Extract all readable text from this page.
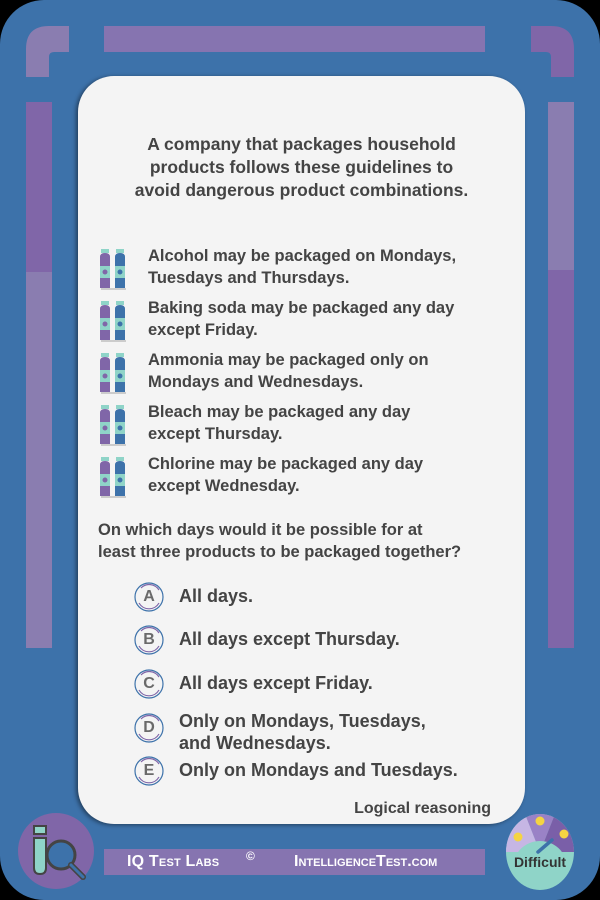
A company that packages household
products follows these guidelines to
avoid dangerous product combinations.
Alcohol may be packaged on Mondays,
Tuesdays and Thursdays.
Baking soda may be packaged any day
except Friday.
Ammonia may be packaged only on
Mondays and Wednesdays.
Bleach may be packaged any day
except Thursday.
Chlorine may be packaged any day
except Wednesday.
On which days would it be possible for at
least three products to be packaged together?
A	All days.
B	All days except Thursday.
C	All days except Friday.
D	Only on Mondays, Tuesdays,
and Wednesdays.
E	Only on Mondays and Tuesdays.
Logical reasoning
IQ Test Labs © IntelligenceTest.com	Difficult
